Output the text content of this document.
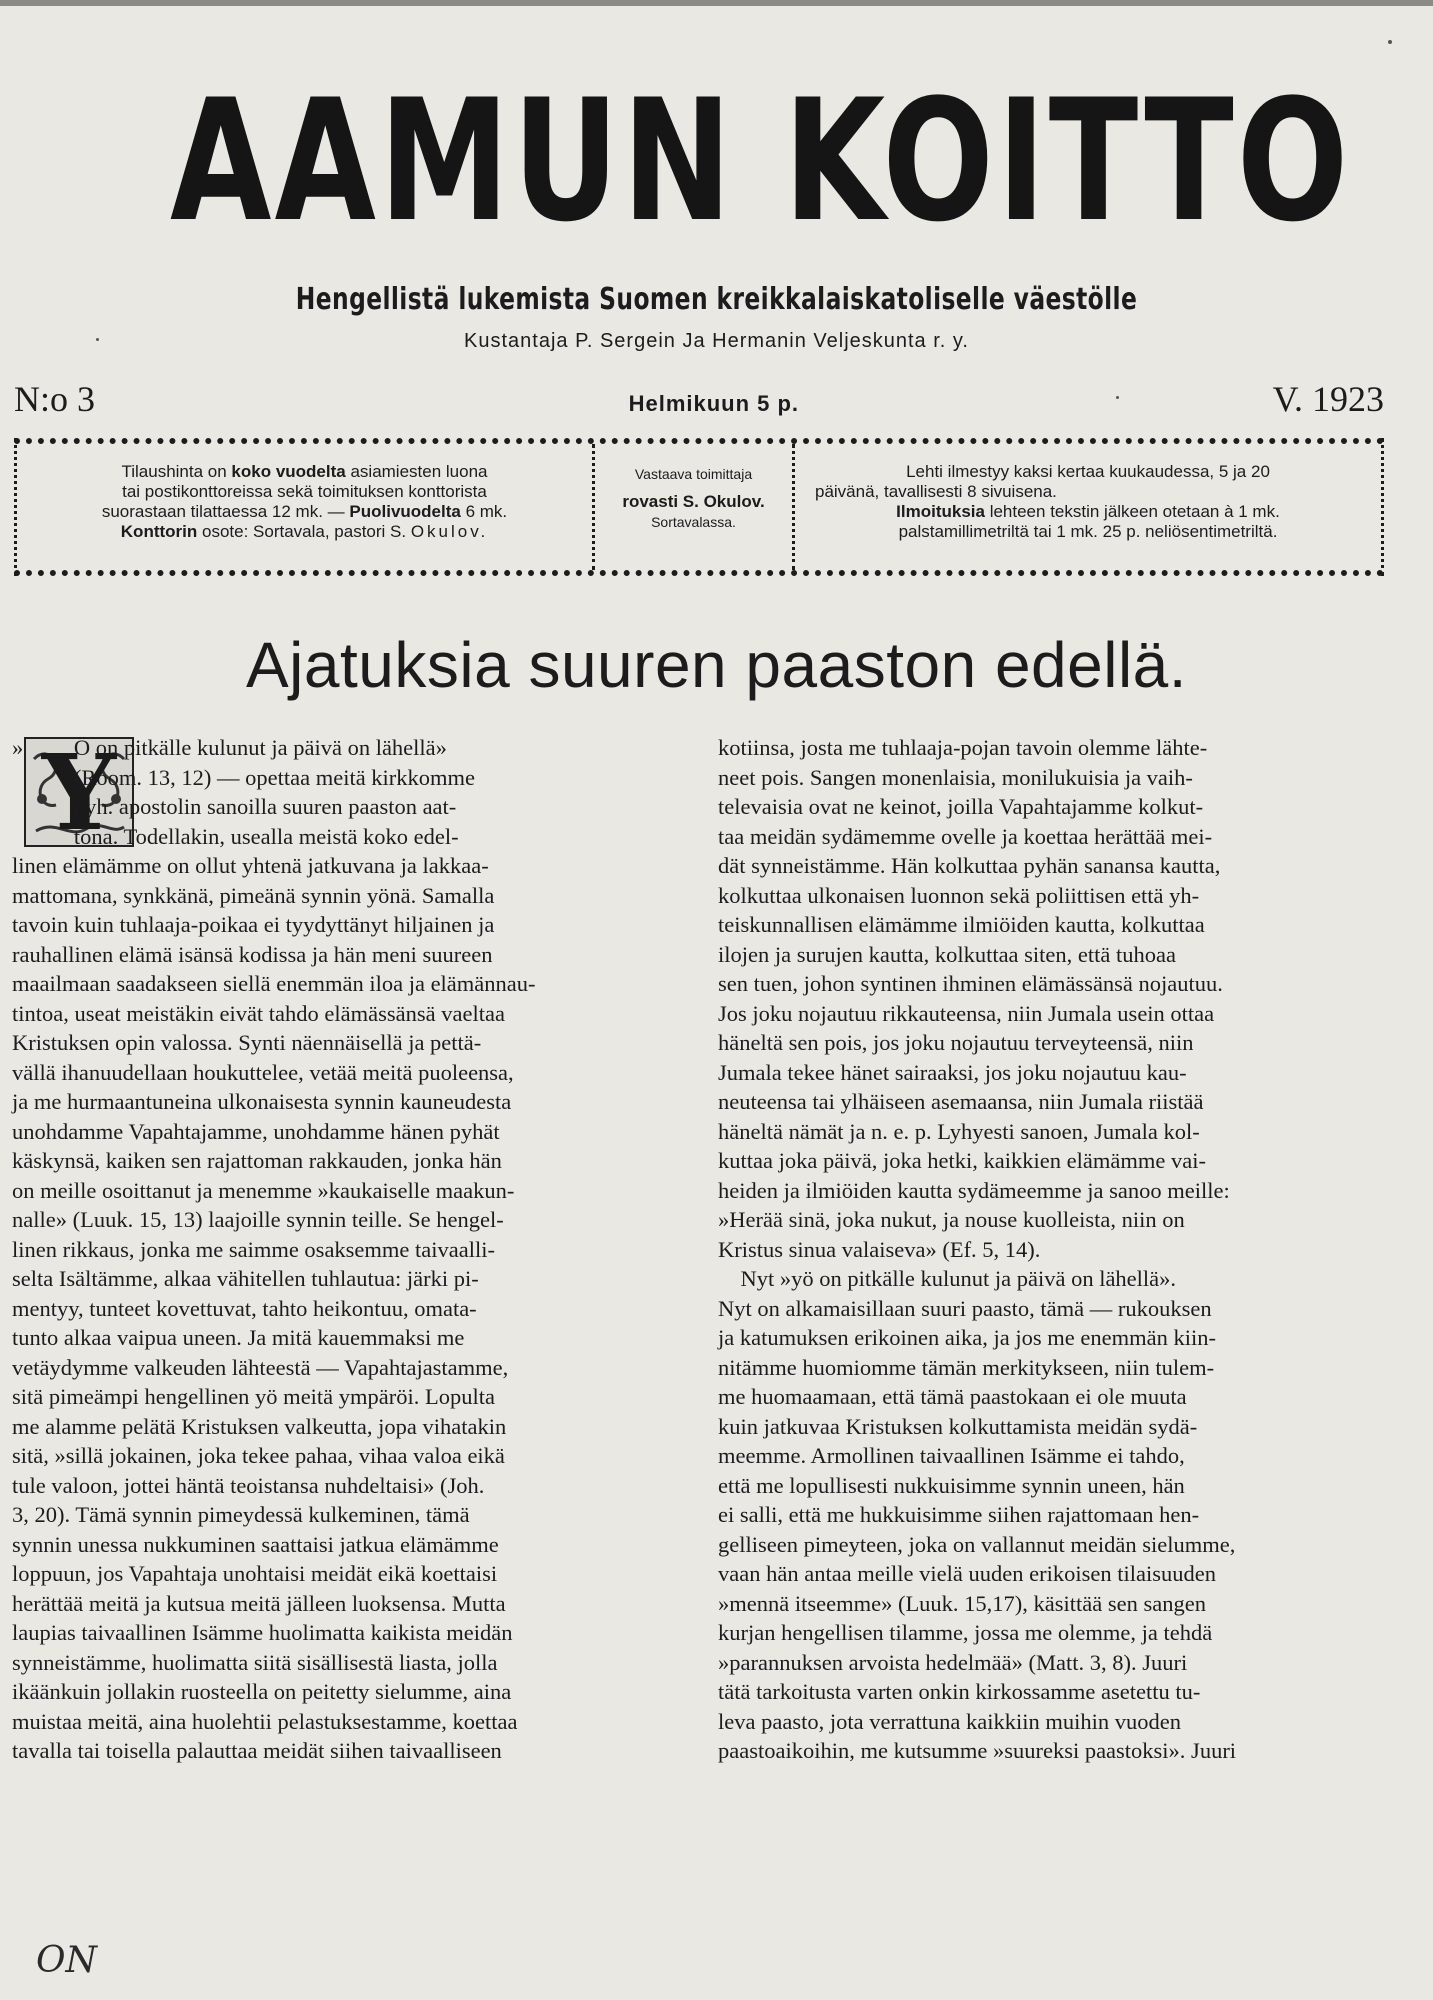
AAMUN KOITTO
Hengellistä lukemista Suomen kreikkalaiskatoliselle väestölle
Kustantaja P. Sergein Ja Hermanin Veljeskunta r. y.
N:o 3	Helmikuun 5 p.	V. 1923

Tilaushinta on koko vuodelta asiamiesten luona

tai postikonttoreissa sekä toimituksen konttorista

suorastaan tilattaessa 12 mk. — Puolivuodelta 6 mk.

Konttorin osote: Sortavala, pastori S. Okulov.

Vastaava toimittaja

rovasti S. Okulov.

Sortavalassa.

Lehti ilmestyy kaksi kertaa kuukaudessa, 5 ja 20

päivänä, tavallisesti 8 sivuisena.

Ilmoituksia lehteen tekstin jälkeen otetaan à 1 mk.

palstamillimetriltä tai 1 mk. 25 p. neliösentimetriltä.

Ajatuksia suuren paaston edellä.
Y
»         Ö on pitkälle kulunut ja päivä on lähellä»
(Room. 13, 12) — opettaa meitä kirkkomme
pyh. apostolin sanoilla suuren paaston aat-
tona. Todellakin, usealla meistä koko edel-
linen elämämme on ollut yhtenä jatkuvana ja lakkaa-
mattomana, synkkänä, pimeänä synnin yönä. Samalla
tavoin kuin tuhlaaja-poikaa ei tyydyttänyt hiljainen ja
rauhallinen elämä isänsä kodissa ja hän meni suureen
maailmaan saadakseen siellä enemmän iloa ja elämännau-
tintoa, useat meistäkin eivät tahdo elämässänsä vaeltaa
Kristuksen opin valossa. Synti näennäisellä ja pettä-
vällä ihanuudellaan houkuttelee, vetää meitä puoleensa,
ja me hurmaantuneina ulkonaisesta synnin kauneudesta
unohdamme Vapahtajamme, unohdamme hänen pyhät
käskynsä, kaiken sen rajattoman rakkauden, jonka hän
on meille osoittanut ja menemme »kaukaiselle maakun-
nalle» (Luuk. 15, 13) laajoille synnin teille. Se hengel-
linen rikkaus, jonka me saimme osaksemme taivaalli-
selta Isältämme, alkaa vähitellen tuhlautua: järki pi-
mentyy, tunteet kovettuvat, tahto heikontuu, omata-
tunto alkaa vaipua uneen. Ja mitä kauemmaksi me
vetäydymme valkeuden lähteestä — Vapahtajastamme,
sitä pimeämpi hengellinen yö meitä ympäröi. Lopulta
me alamme pelätä Kristuksen valkeutta, jopa vihatakin
sitä, »sillä jokainen, joka tekee pahaa, vihaa valoa eikä
tule valoon, jottei häntä teoistansa nuhdeltaisi» (Joh.
3, 20). Tämä synnin pimeydessä kulkeminen, tämä
synnin unessa nukkuminen saattaisi jatkua elämämme
loppuun, jos Vapahtaja unohtaisi meidät eikä koettaisi
herättää meitä ja kutsua meitä jälleen luoksensa. Mutta
laupias taivaallinen Isämme huolimatta kaikista meidän
synneistämme, huolimatta siitä sisällisestä liasta, jolla
ikäänkuin jollakin ruosteella on peitetty sielumme, aina
muistaa meitä, aina huolehtii pelastuksestamme, koettaa
tavalla tai toisella palauttaa meidät siihen taivaalliseen
kotiinsa, josta me tuhlaaja-pojan tavoin olemme lähte-
neet pois. Sangen monenlaisia, monilukuisia ja vaih-
televaisia ovat ne keinot, joilla Vapahtajamme kolkut-
taa meidän sydämemme ovelle ja koettaa herättää mei-
dät synneistämme. Hän kolkuttaa pyhän sanansa kautta,
kolkuttaa ulkonaisen luonnon sekä poliittisen että yh-
teiskunnallisen elämämme ilmiöiden kautta, kolkuttaa
ilojen ja surujen kautta, kolkuttaa siten, että tuhoaa
sen tuen, johon syntinen ihminen elämässänsä nojautuu.
Jos joku nojautuu rikkauteensa, niin Jumala usein ottaa
häneltä sen pois, jos joku nojautuu terveyteensä, niin
Jumala tekee hänet sairaaksi, jos joku nojautuu kau-
neuteensa tai ylhäiseen asemaansa, niin Jumala riistää
häneltä nämät ja n. e. p. Lyhyesti sanoen, Jumala kol-
kuttaa joka päivä, joka hetki, kaikkien elämämme vai-
heiden ja ilmiöiden kautta sydämeemme ja sanoo meille:
»Herää sinä, joka nukut, ja nouse kuolleista, niin on
Kristus sinua valaiseva» (Ef. 5, 14).
Nyt »yö on pitkälle kulunut ja päivä on lähellä».
Nyt on alkamaisillaan suuri paasto, tämä — rukouksen
ja katumuksen erikoinen aika, ja jos me enemmän kiin-
nitämme huomiomme tämän merkitykseen, niin tulem-
me huomaamaan, että tämä paastokaan ei ole muuta
kuin jatkuvaa Kristuksen kolkuttamista meidän sydä-
meemme. Armollinen taivaallinen Isämme ei tahdo,
että me lopullisesti nukkuisimme synnin uneen, hän
ei salli, että me hukkuisimme siihen rajattomaan hen-
gelliseen pimeyteen, joka on vallannut meidän sielumme,
vaan hän antaa meille vielä uuden erikoisen tilaisuuden
»mennä itseemme» (Luuk. 15,17), käsittää sen sangen
kurjan hengellisen tilamme, jossa me olemme, ja tehdä
»parannuksen arvoista hedelmää» (Matt. 3, 8). Juuri
tätä tarkoitusta varten onkin kirkossamme asetettu tu-
leva paasto, jota verrattuna kaikkiin muihin vuoden
paastoaikoihin, me kutsumme »suureksi paastoksi». Juuri
ON
